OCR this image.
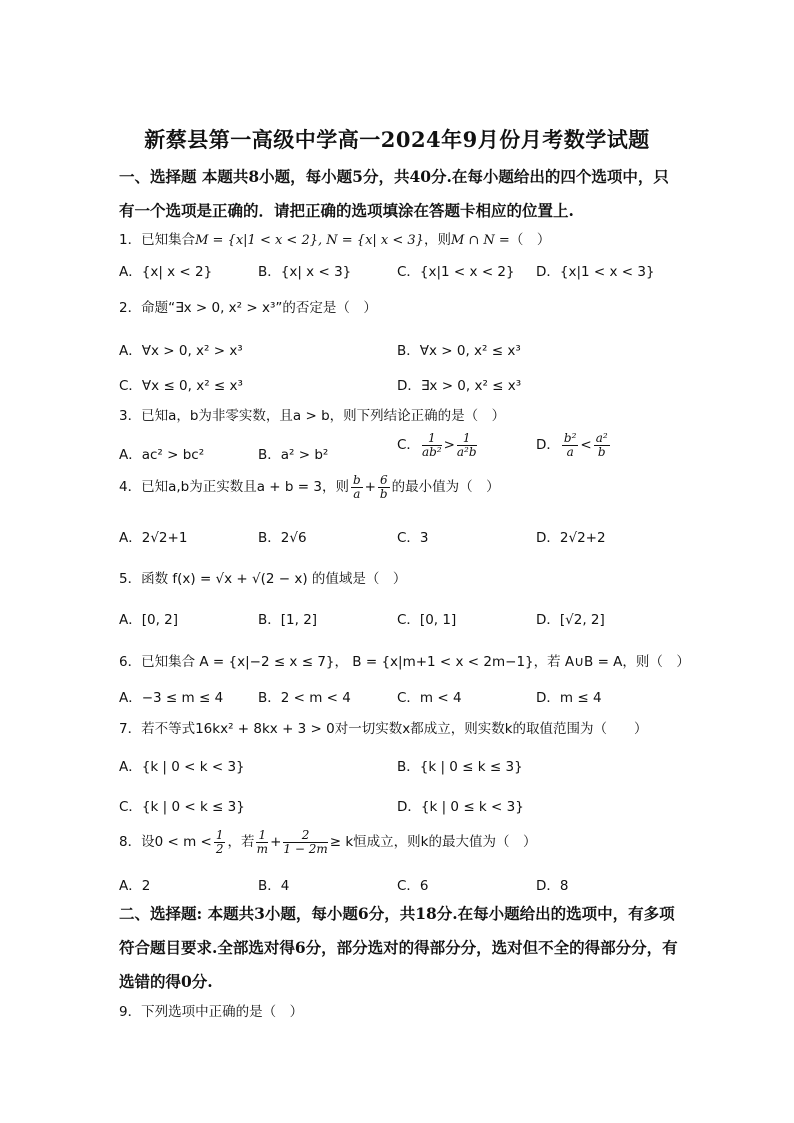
新蔡县第一高级中学高一2024年9月份月考数学试题
一、选择题 本题共8小题，每小题5分，共40分.在每小题给出的四个选项中，只有一个选项是正确的．请把正确的选项填涂在答题卡相应的位置上.
1．已知集合M = {x|1 < x < 2}, N = {x| x < 3}，则M ∩ N =（　）
A．{x| x < 2}	B．{x| x < 3}	C．{x|1 < x < 2} D．{x|1 < x < 3}
2．命题“∃x > 0, x² > x³”的否定是（　）
A．∀x > 0, x² > x³	B．∀x > 0, x² ≤ x³
C．∀x ≤ 0, x² ≤ x³	D．∃x > 0, x² ≤ x³
3．已知a，b为非零实数，且a > b，则下列结论正确的是（　）
A．ac² > bc²	B．a² > b²
C． $\frac{1}{\text{ab²}} > \frac{1}{\text{a²b}}$	D． $\frac{\text{b²}}{a} < \frac{\text{a²}}{b}$
4．已知a,b为正实数且a + b = 3，则 $\frac{b}{a} + \frac{6}{b}$ 的最小值为（　）
A．2√2+1	B．2√6	C．3	D．2√2+2
5．函数 f(x) = √x + √(2 − x) 的值域是（　）
A．[0, 2]	B．[1, 2]	C．[0, 1]	D．[√2, 2]
6．已知集合 A = {x|−2 ≤ x ≤ 7}， B = {x|m+1 < x < 2m−1}，若 A∪B = A，则（　）
A．−3 ≤ m ≤ 4	B．2 < m < 4	C．m < 4	D．m ≤ 4
7．若不等式16kx² + 8kx + 3 > 0对一切实数x都成立，则实数k的取值范围为（　　）
A．{k | 0 < k < 3}	B．{k | 0 ≤ k ≤ 3}
C．{k | 0 < k ≤ 3}	D．{k | 0 ≤ k < 3}
8．设$0 < m < \frac{1}{2}$ ，若 $\frac{1}{m} + \frac{2}{1 - 2m} \ge k$恒成立，则k的最大值为（　）
A．2	B．4	C．6	D．8
二、选择题: 本题共3小题，每小题6分，共18分.在每小题给出的选项中，有多项符合题目要求.全部选对得6分，部分选对的得部分分，选对但不全的得部分分，有选错的得0分.
9．下列选项中正确的是（　）
